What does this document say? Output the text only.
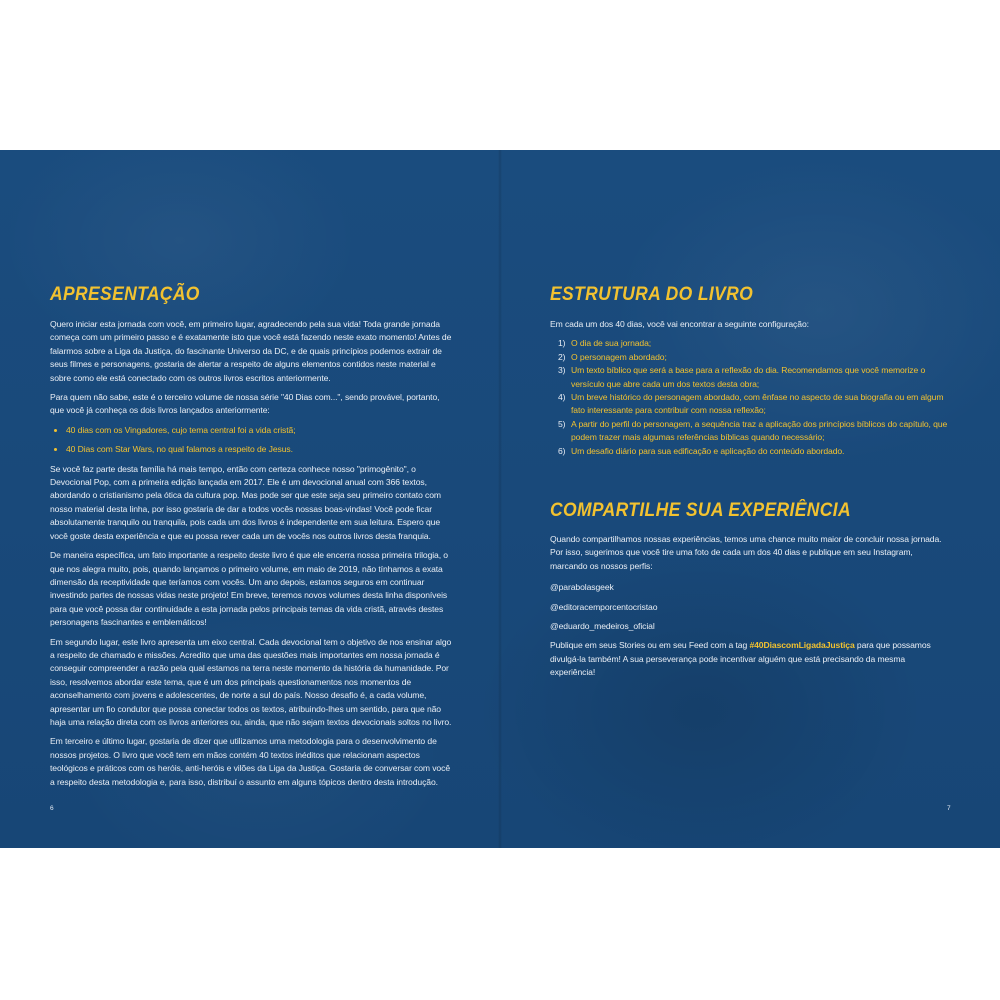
APRESENTAÇÃO

Quero iniciar esta jornada com você, em primeiro lugar, agradecendo pela sua vida! Toda grande jornada começa com um primeiro passo e é exatamente isto que você está fazendo neste exato momento! Antes de falarmos sobre a Liga da Justiça, do fascinante Universo da DC, e de quais princípios podemos extrair de seus filmes e personagens, gostaria de alertar a respeito de alguns elementos contidos neste material e sobre como ele está conectado com os outros livros escritos anteriormente.

Para quem não sabe, este é o terceiro volume de nossa série "40 Dias com...", sendo provável, portanto, que você já conheça os dois livros lançados anteriormente:

40 dias com os Vingadores, cujo tema central foi a vida cristã;
40 Dias com Star Wars, no qual falamos a respeito de Jesus.

Se você faz parte desta família há mais tempo, então com certeza conhece nosso "primogênito", o Devocional Pop, com a primeira edição lançada em 2017. Ele é um devocional anual com 366 textos, abordando o cristianismo pela ótica da cultura pop. Mas pode ser que este seja seu primeiro contato com nosso material desta linha, por isso gostaria de dar a todos vocês nossas boas-vindas! Você pode ficar absolutamente tranquilo ou tranquila, pois cada um dos livros é independente em sua leitura. Espero que você goste desta experiência e que eu possa rever cada um de vocês nos outros livros desta franquia.

De maneira específica, um fato importante a respeito deste livro é que ele encerra nossa primeira trilogia, o que nos alegra muito, pois, quando lançamos o primeiro volume, em maio de 2019, não tínhamos a exata dimensão da receptividade que teríamos com vocês. Um ano depois, estamos seguros em continuar investindo partes de nossas vidas neste projeto! Em breve, teremos novos volumes desta linha disponíveis para que você possa dar continuidade a esta jornada pelos principais temas da vida cristã, através destes personagens fascinantes e emblemáticos!

Em segundo lugar, este livro apresenta um eixo central. Cada devocional tem o objetivo de nos ensinar algo a respeito de chamado e missões. Acredito que uma das questões mais importantes em nossa jornada é conseguir compreender a razão pela qual estamos na terra neste momento da história da humanidade. Por isso, resolvemos abordar este tema, que é um dos principais questionamentos nos momentos de aconselhamento com jovens e adolescentes, de norte a sul do país. Nosso desafio é, a cada volume, apresentar um fio condutor que possa conectar todos os textos, atribuindo-lhes um sentido, para que não haja uma relação direta com os livros anteriores ou, ainda, que não sejam textos devocionais soltos no livro.

Em terceiro e último lugar, gostaria de dizer que utilizamos uma metodologia para o desenvolvimento de nossos projetos. O livro que você tem em mãos contém 40 textos inéditos que relacionam aspectos teológicos e práticos com os heróis, anti-heróis e vilões da Liga da Justiça. Gostaria de conversar com você a respeito desta metodologia e, para isso, distribuí o assunto em alguns tópicos dentro desta introdução.

6
ESTRUTURA DO LIVRO

Em cada um dos 40 dias, você vai encontrar a seguinte configuração:

1) O dia de sua jornada;
2) O personagem abordado;
3) Um texto bíblico que será a base para a reflexão do dia. Recomendamos que você memorize o versículo que abre cada um dos textos desta obra;
4) Um breve histórico do personagem abordado, com ênfase no aspecto de sua biografia ou em algum fato interessante para contribuir com nossa reflexão;
5) A partir do perfil do personagem, a sequência traz a aplicação dos princípios bíblicos do capítulo, que podem trazer mais algumas referências bíblicas quando necessário;
6) Um desafio diário para sua edificação e aplicação do conteúdo abordado.
COMPARTILHE SUA EXPERIÊNCIA

Quando compartilhamos nossas experiências, temos uma chance muito maior de concluir nossa jornada. Por isso, sugerimos que você tire uma foto de cada um dos 40 dias e publique em seu Instagram, marcando os nossos perfis:

@parabolasgeek

@editoracemporcentocristao

@eduardo_medeiros_oficial

Publique em seus Stories ou em seu Feed com a tag #40DiascomLigadaJustiça para que possamos divulgá-la também! A sua perseverança pode incentivar alguém que está precisando da mesma experiência!

7
